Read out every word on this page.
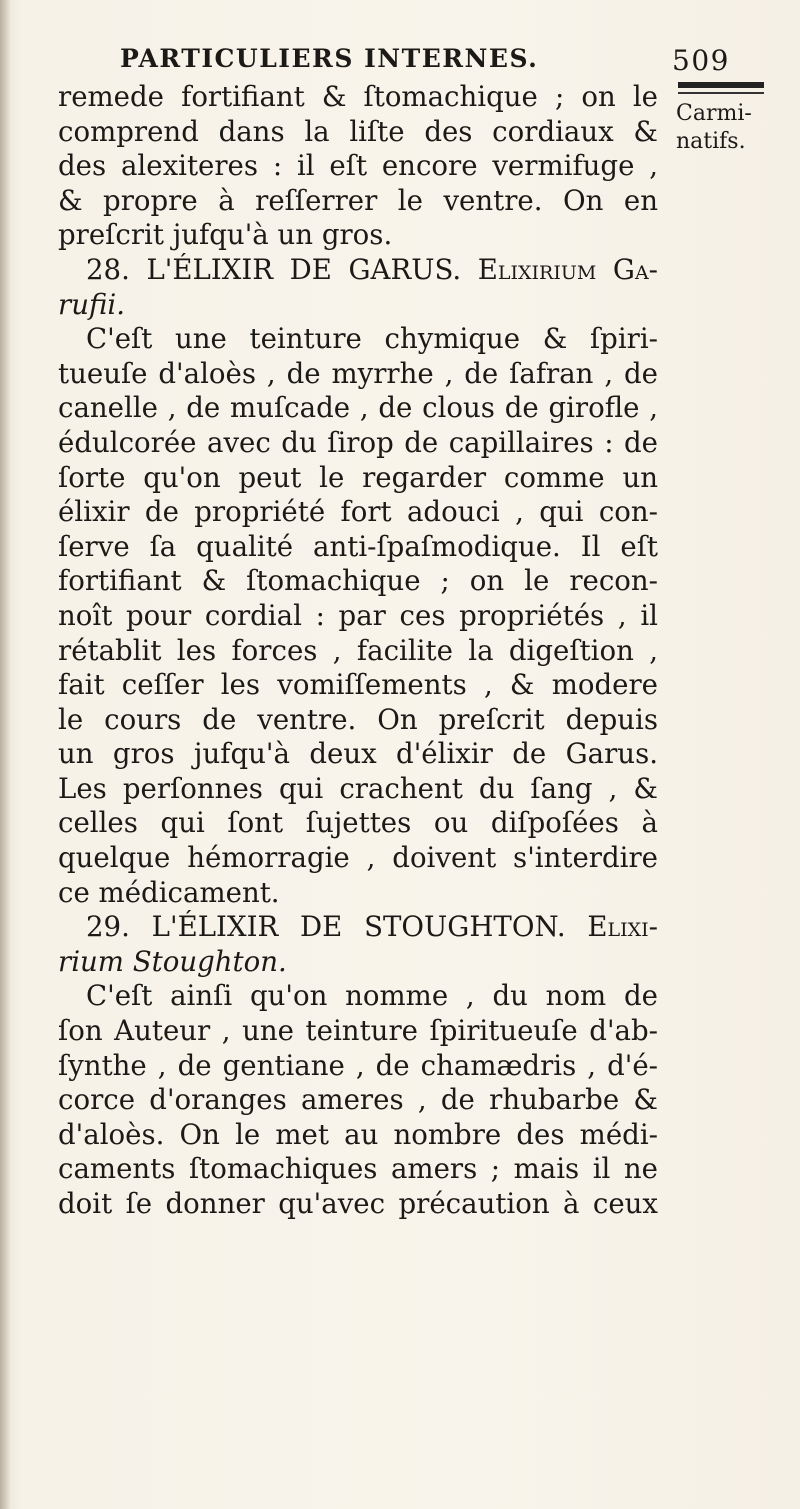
PARTICULIERS INTERNES.	509
Carmi-
natifs.
remede fortifiant & ſtomachique ; on le
comprend dans la liſte des cordiaux &
des alexiteres : il eſt encore vermifuge ,
& propre à reſſerrer le ventre. On en
preſcrit jufqu'à un gros.
28. L'ÉLIXIR DE GARUS. Elixirium Ga-
rufii.
C'eſt une teinture chymique & ſpiri-
tueuſe d'aloès , de myrrhe , de ſafran , de
canelle , de muſcade , de clous de girofle ,
édulcorée avec du ſirop de capillaires : de
ſorte qu'on peut le regarder comme un
élixir de propriété fort adouci , qui con-
ſerve ſa qualité anti-ſpaſmodique. Il eſt
fortifiant & ſtomachique ; on le recon-
noît pour cordial : par ces propriétés , il
rétablit les forces , facilite la digeſtion ,
fait ceſſer les vomiſſements , & modere
le cours de ventre. On preſcrit depuis
un gros jufqu'à deux d'élixir de Garus.
Les perſonnes qui crachent du ſang , &
celles qui ſont ſujettes ou diſpoſées à
quelque hémorragie , doivent s'interdire
ce médicament.
29. L'ÉLIXIR DE STOUGHTON. Elixi-
rium Stoughton.
C'eſt ainſi qu'on nomme , du nom de
ſon Auteur , une teinture ſpiritueuſe d'ab-
ſynthe , de gentiane , de chamædris , d'é-
corce d'oranges ameres , de rhubarbe &
d'aloès. On le met au nombre des médi-
caments ſtomachiques amers ; mais il ne
doit ſe donner qu'avec précaution à ceux
